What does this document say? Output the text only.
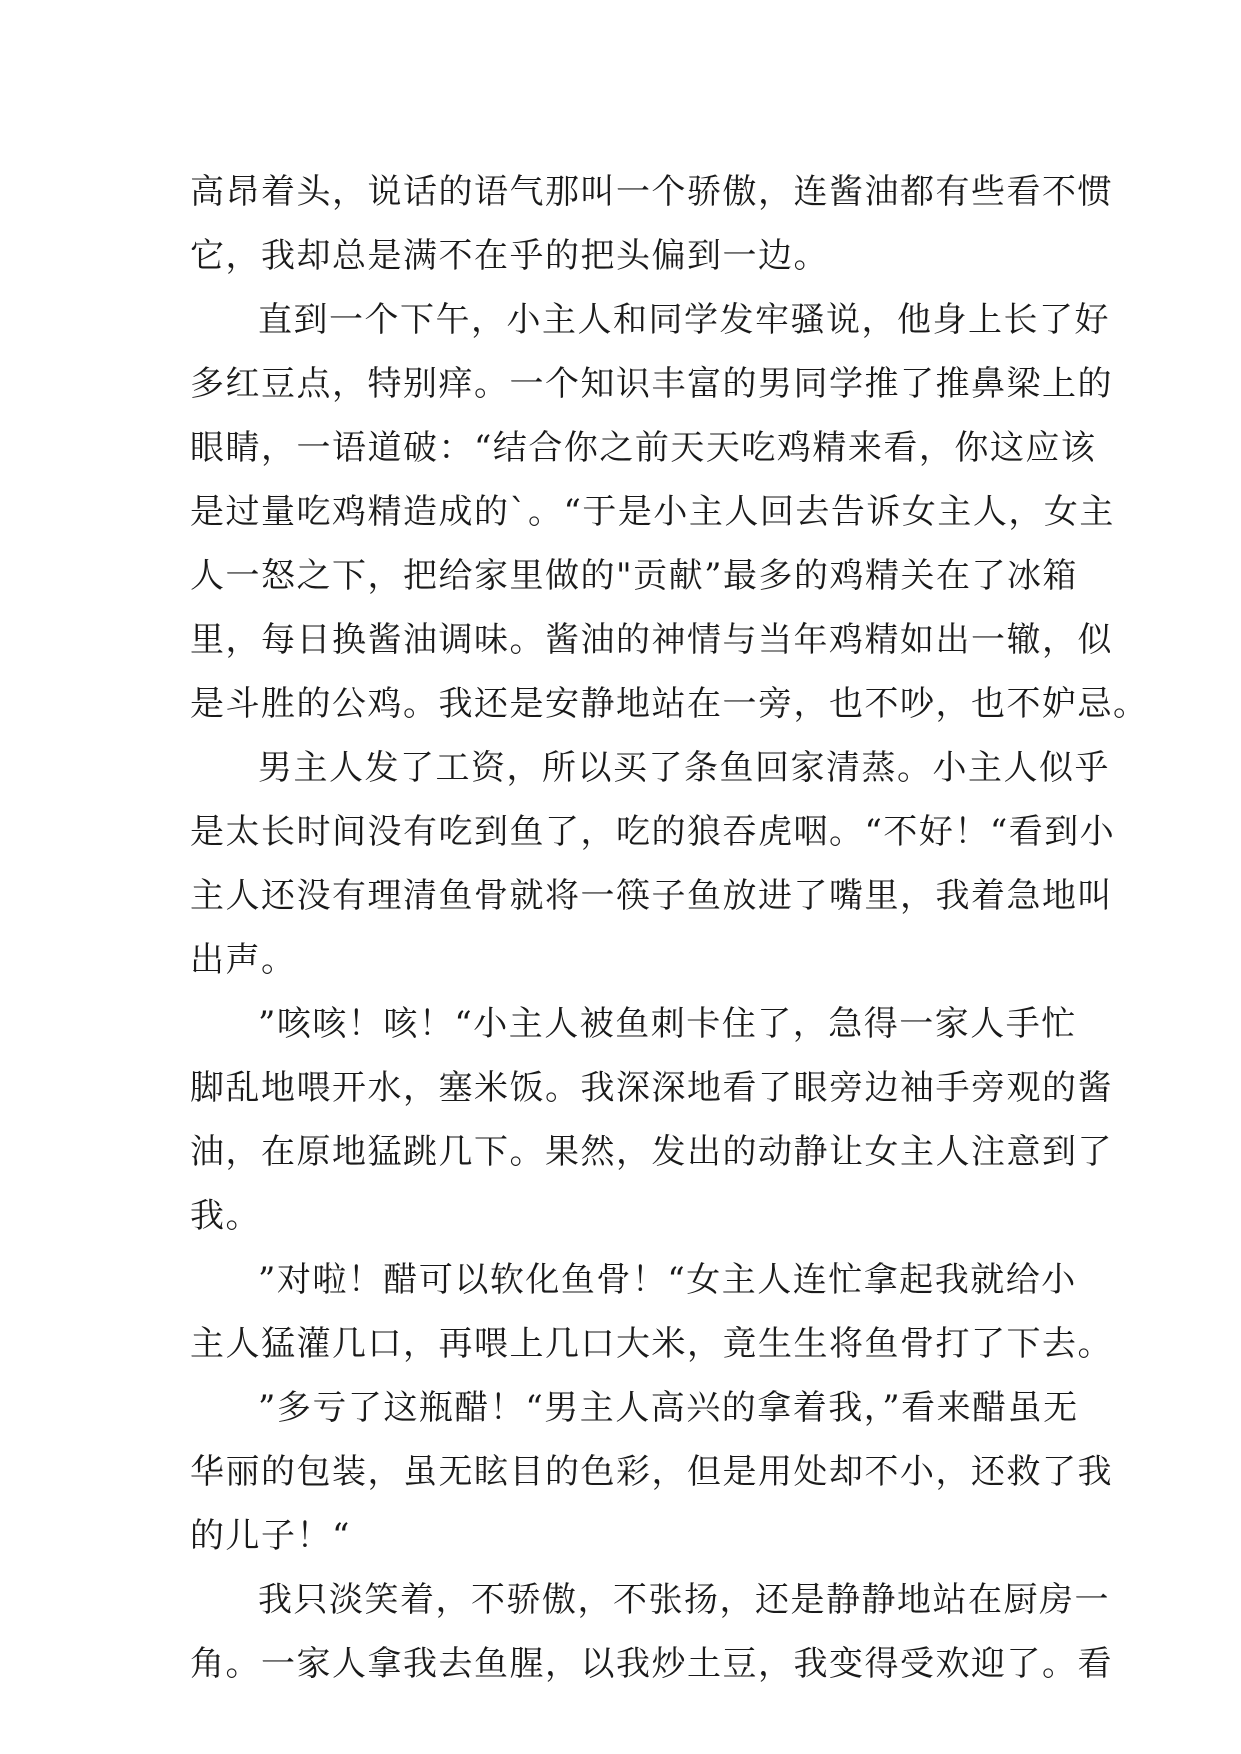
高昂着头，说话的语气那叫一个骄傲，连酱油都有些看不惯
它，我却总是满不在乎的把头偏到一边。
直到一个下午，小主人和同学发牢骚说，他身上长了好
多红豆点，特别痒。一个知识丰富的男同学推了推鼻梁上的
眼睛，一语道破：“结合你之前天天吃鸡精来看，你这应该
是过量吃鸡精造成的`。“于是小主人回去告诉女主人，女主
人一怒之下，把给家里做的"贡献”最多的鸡精关在了冰箱
里，每日换酱油调味。酱油的神情与当年鸡精如出一辙，似
是斗胜的公鸡。我还是安静地站在一旁，也不吵，也不妒忌。
男主人发了工资，所以买了条鱼回家清蒸。小主人似乎
是太长时间没有吃到鱼了，吃的狼吞虎咽。“不好！“看到小
主人还没有理清鱼骨就将一筷子鱼放进了嘴里，我着急地叫
出声。
”咳咳！咳！“小主人被鱼刺卡住了，急得一家人手忙
脚乱地喂开水，塞米饭。我深深地看了眼旁边袖手旁观的酱
油，在原地猛跳几下。果然，发出的动静让女主人注意到了
我。
”对啦！醋可以软化鱼骨！“女主人连忙拿起我就给小
主人猛灌几口，再喂上几口大米，竟生生将鱼骨打了下去。
”多亏了这瓶醋！“男主人高兴的拿着我，”看来醋虽无
华丽的包装，虽无眩目的色彩，但是用处却不小，还救了我
的儿子！“
我只淡笑着，不骄傲，不张扬，还是静静地站在厨房一
角。一家人拿我去鱼腥，以我炒土豆，我变得受欢迎了。看
